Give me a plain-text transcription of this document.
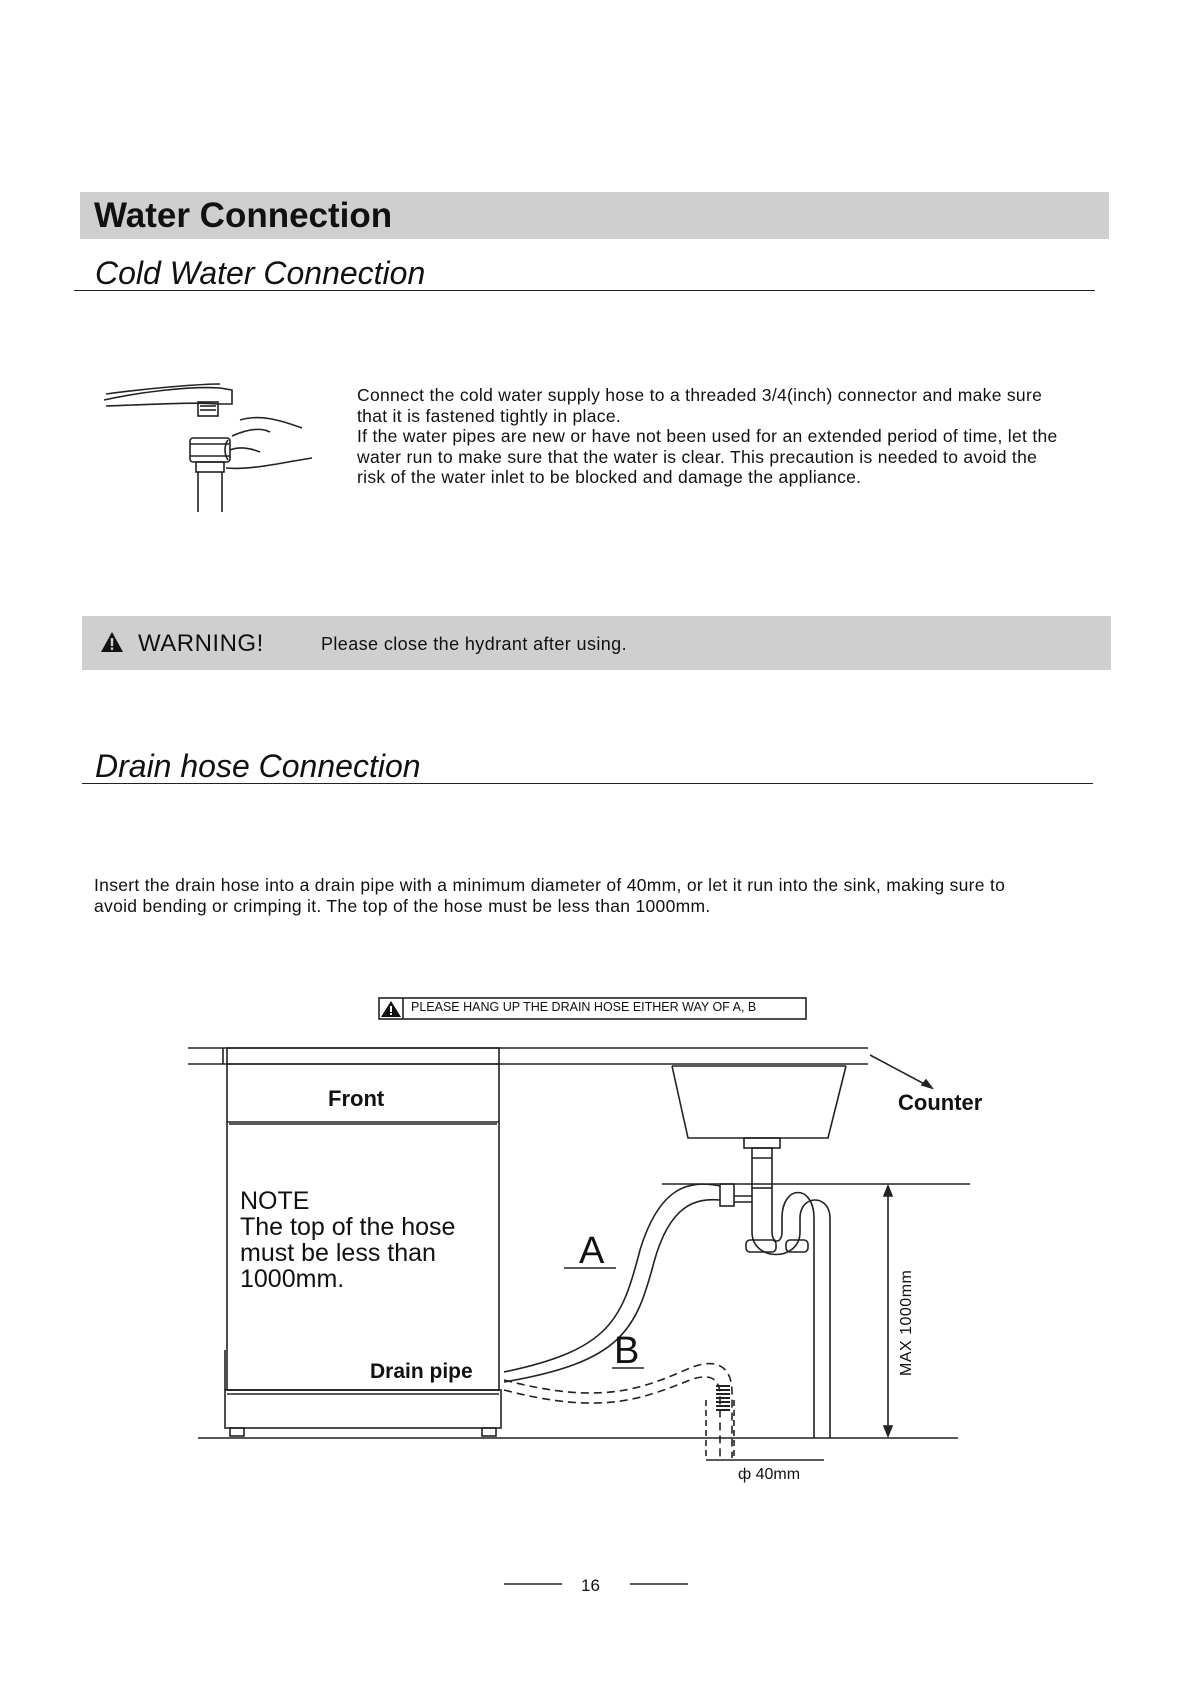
Water Connection
Cold Water Connection
Connect the cold water supply hose to a threaded 3/4(inch) connector and make sure
that it is fastened tightly in place.
If the water pipes are new or have not been used for an extended period of time, let the
water run to make sure that the water is clear. This precaution is needed to avoid the
risk of the water inlet to be blocked and damage the appliance.
WARNING!	Please close the hydrant after using.
Drain hose Connection
Insert the drain hose into a drain pipe with a minimum diameter of 40mm, or let it run into the sink, making sure to
avoid bending or crimping it. The top of the hose must be less than 1000mm.
PLEASE HANG UP THE DRAIN HOSE EITHER WAY OF A, B
Front	Counter
NOTE
The top of the hose
must be less than
1000mm.
Drain pipe
A
B	MAX 1000mm
ф 40mm
16
